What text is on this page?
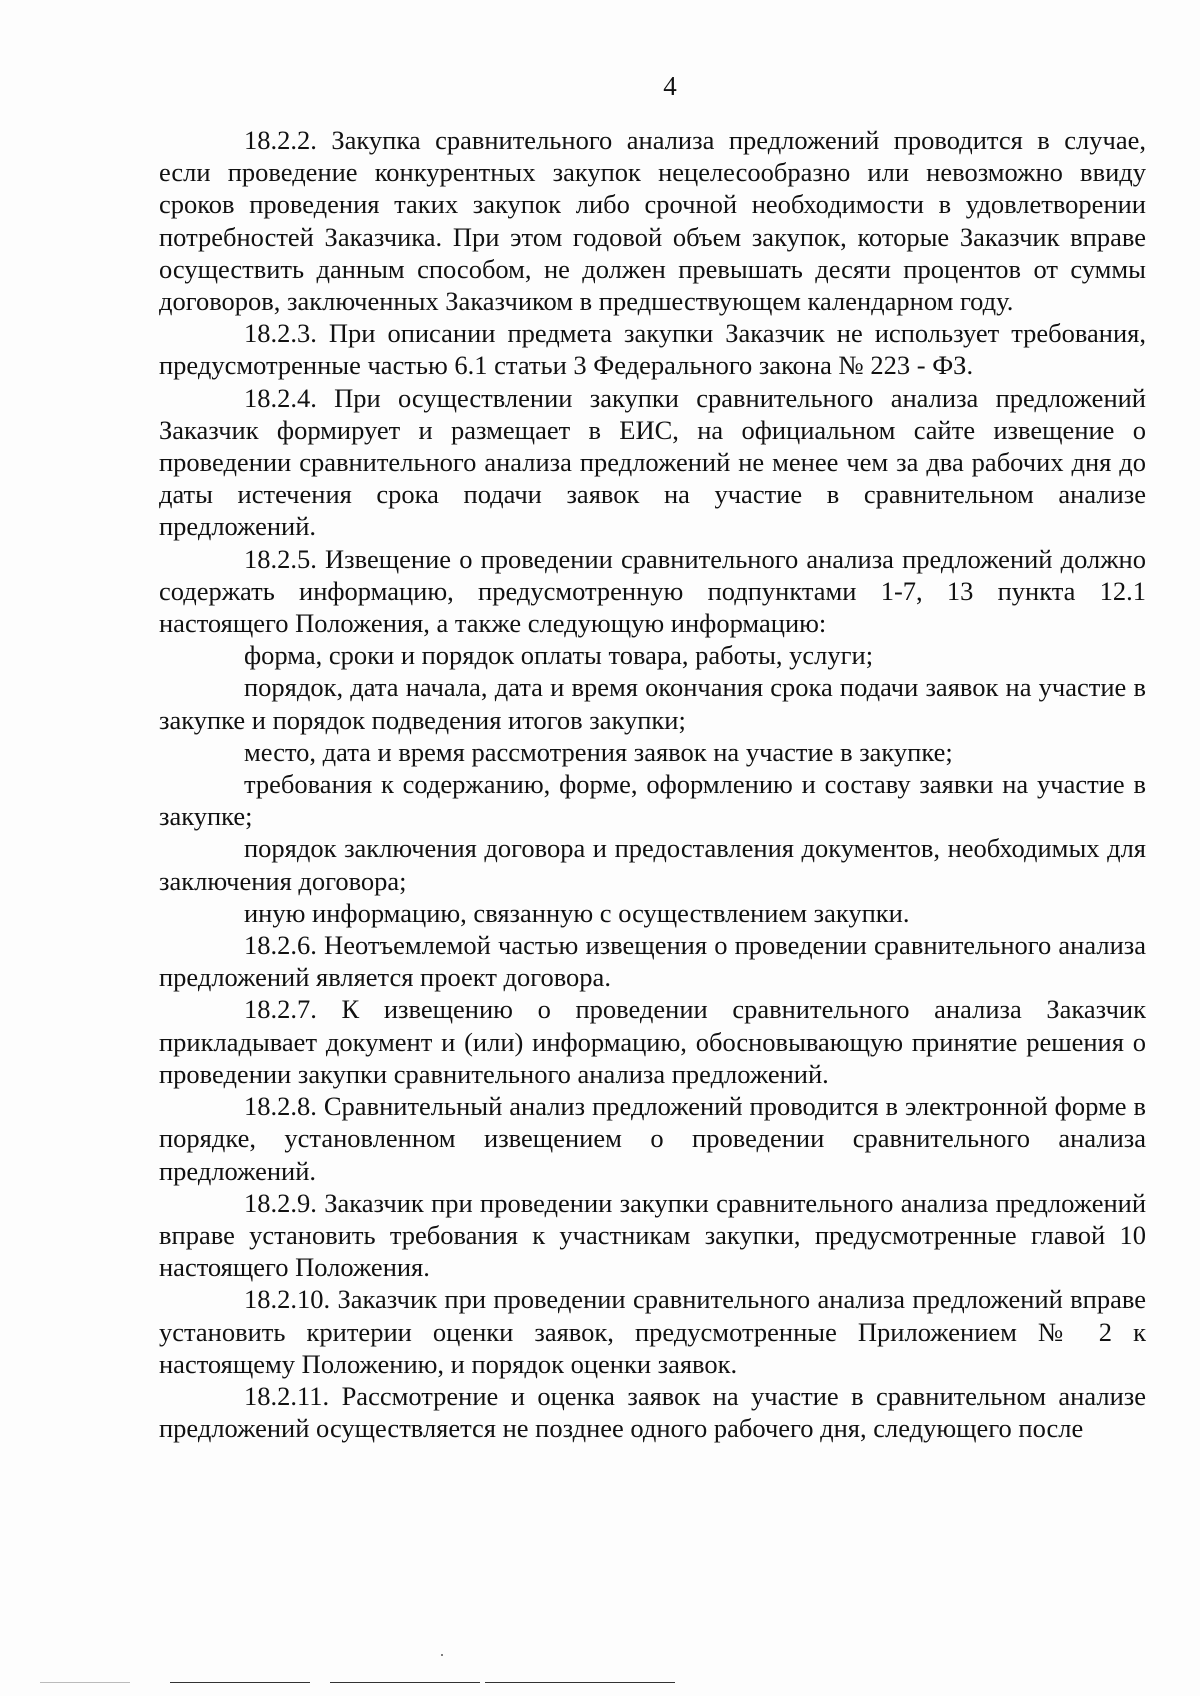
4

18.2.2. Закупка сравнительного анализа предложений проводится в случае, если проведение конкурентных закупок нецелесообразно или невозможно ввиду сроков проведения таких закупок либо срочной необходимости в удовлетворении потребностей Заказчика. При этом годовой объем закупок, которые Заказчик вправе осуществить данным способом, не должен превышать десяти процентов от суммы договоров, заключенных Заказчиком в предшествующем календарном году.

18.2.3. При описании предмета закупки Заказчик не использует требования, предусмотренные частью 6.1 статьи 3 Федерального закона № 223 - ФЗ.

18.2.4. При осуществлении закупки сравнительного анализа предложений Заказчик формирует и размещает в ЕИС, на официальном сайте извещение о проведении сравнительного анализа предложений не менее чем за два рабочих дня до даты истечения срока подачи заявок на участие в сравнительном анализе предложений.

18.2.5. Извещение о проведении сравнительного анализа предложений должно содержать информацию, предусмотренную подпунктами 1-7, 13 пункта 12.1 настоящего Положения, а также следующую информацию:

форма, сроки и порядок оплаты товара, работы, услуги;

порядок, дата начала, дата и время окончания срока подачи заявок на участие в закупке и порядок подведения итогов закупки;

место, дата и время рассмотрения заявок на участие в закупке;

требования к содержанию, форме, оформлению и составу заявки на участие в закупке;

порядок заключения договора и предоставления документов, необходимых для заключения договора;

иную информацию, связанную с осуществлением закупки.

18.2.6. Неотъемлемой частью извещения о проведении сравнительного анализа предложений является проект договора.

18.2.7. К извещению о проведении сравнительного анализа Заказчик прикладывает документ и (или) информацию, обосновывающую принятие решения о проведении закупки сравнительного анализа предложений.

18.2.8. Сравнительный анализ предложений проводится в электронной форме в порядке, установленном извещением о проведении сравнительного анализа предложений.

18.2.9. Заказчик при проведении закупки сравнительного анализа предложений вправе установить требования к участникам закупки, предусмотренные главой 10 настоящего Положения.

18.2.10. Заказчик при проведении сравнительного анализа предложений вправе установить критерии оценки заявок, предусмотренные Приложением № 2 к настоящему Положению, и порядок оценки заявок.

18.2.11. Рассмотрение и оценка заявок на участие в сравнительном анализе предложений осуществляется не позднее одного рабочего дня, следующего после
